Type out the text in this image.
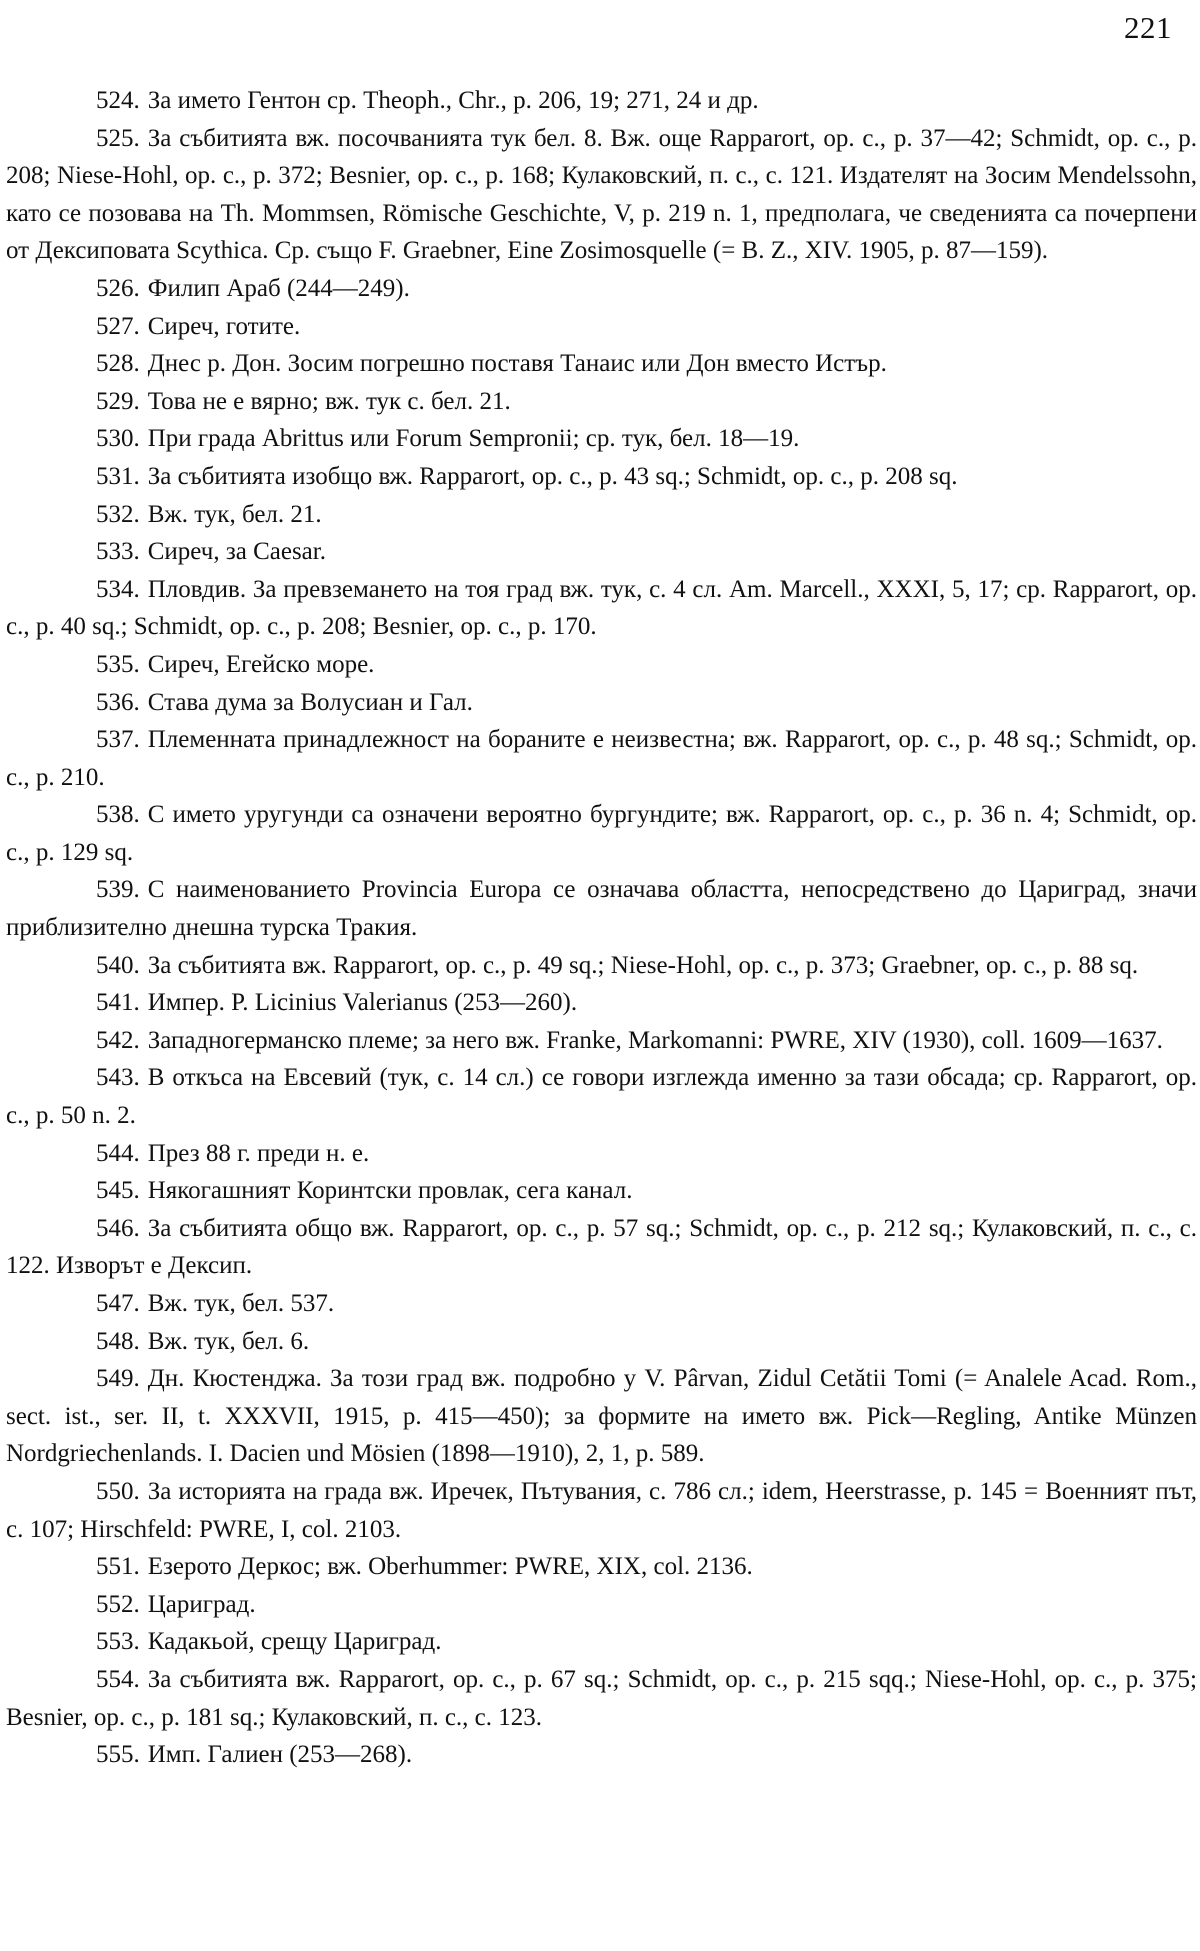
221

524. За името Гентон ср. Theoph., Chr., р. 206, 19; 271, 24 и др.

525. За събитията вж. посочванията тук бел. 8. Вж. още Rapparort, op. c., р. 37—42; Schmidt, op. c., р. 208; Niese-Hohl, op. c., p. 372; Besnier, op. c., р. 168; Кулаковский, п. с., с. 121. Издателят на Зосим Mendelssohn, като се позовава на Th. Mommsen, Römische Geschichte, V, p. 219 n. 1, предполага, че сведенията са почерпени от Дексиповата Scythica. Ср. също F. Graebner, Eine Zosimosquelle (= B. Z., XIV. 1905, p. 87—159).

526. Филип Араб (244—249).

527. Сиреч, готите.

528. Днес р. Дон. Зосим погрешно поставя Танаис или Дон вместо Истър.

529. Това не е вярно; вж. тук с. бел. 21.

530. При града Abrittus или Forum Sempronii; ср. тук, бел. 18—19.

531. За събитията изобщо вж. Rapparort, op. c., p. 43 sq.; Schmidt, op. c., p. 208 sq.

532. Вж. тук, бел. 21.

533. Сиреч, за Caesar.

534. Пловдив. За превземането на тоя град вж. тук, с. 4 сл. Am. Marcell., XXXI, 5, 17; cp. Rapparort, op. c., p. 40 sq.; Schmidt, op. c., p. 208; Besnier, op. c., p. 170.

535. Сиреч, Егейско море.

536. Става дума за Волусиан и Гал.

537. Племенната принадлежност на бораните е неизвестна; вж. Rapparort, op. c., p. 48 sq.; Schmidt, op. c., p. 210.

538. С името уругунди са означени вероятно бургундите; вж. Rapparort, op. c., p. 36 n. 4; Schmidt, op. c., p. 129 sq.

539. С наименованието Provincia Europa се означава областта, непосредствено до Цариград, значи приблизително днешна турска Тракия.

540. За събитията вж. Rapparort, op. c., p. 49 sq.; Niese-Hohl, op. c., p. 373; Graebner, op. c., p. 88 sq.

541. Импер. P. Licinius Valerianus (253—260).

542. Западногерманско племе; за него вж. Franke, Markomanni: PWRE, XIV (1930), coll. 1609—1637.

543. В откъса на Евсевий (тук, с. 14 сл.) се говори изглежда именно за тази обсада; ср. Rapparort, op. c., p. 50 n. 2.

544. През 88 г. преди н. е.

545. Някогашният Коринтски провлак, сега канал.

546. За събитията общо вж. Rapparort, op. c., p. 57 sq.; Schmidt, op. c., p. 212 sq.; Кулаковский, п. с., с. 122. Изворът е Дексип.

547. Вж. тук, бел. 537.

548. Вж. тук, бел. 6.

549. Дн. Кюстенджа. За този град вж. подробно у V. Pârvan, Zidul Cetătii Tomi (= Analele Acad. Rom., sect. ist., ser. II, t. XXXVII, 1915, p. 415—450); за формите на името вж. Pick—Regling, Antike Münzen Nordgriechenlands. I. Dacien und Mösien (1898—1910), 2, 1, p. 589.

550. За историята на града вж. Иречек, Пътувания, с. 786 сл.; idem, Heerstrasse, p. 145 = Военният път, с. 107; Hirschfeld: PWRE, I, col. 2103.

551. Езерото Деркос; вж. Oberhummer: PWRE, XIX, col. 2136.

552. Цариград.

553. Кадакьой, срещу Цариград.

554. За събитията вж. Rapparort, op. c., p. 67 sq.; Schmidt, op. c., p. 215 sqq.; Niese-Hohl, op. c., p. 375; Besnier, op. c., p. 181 sq.; Кулаковский, п. с., с. 123.

555. Имп. Галиен (253—268).
